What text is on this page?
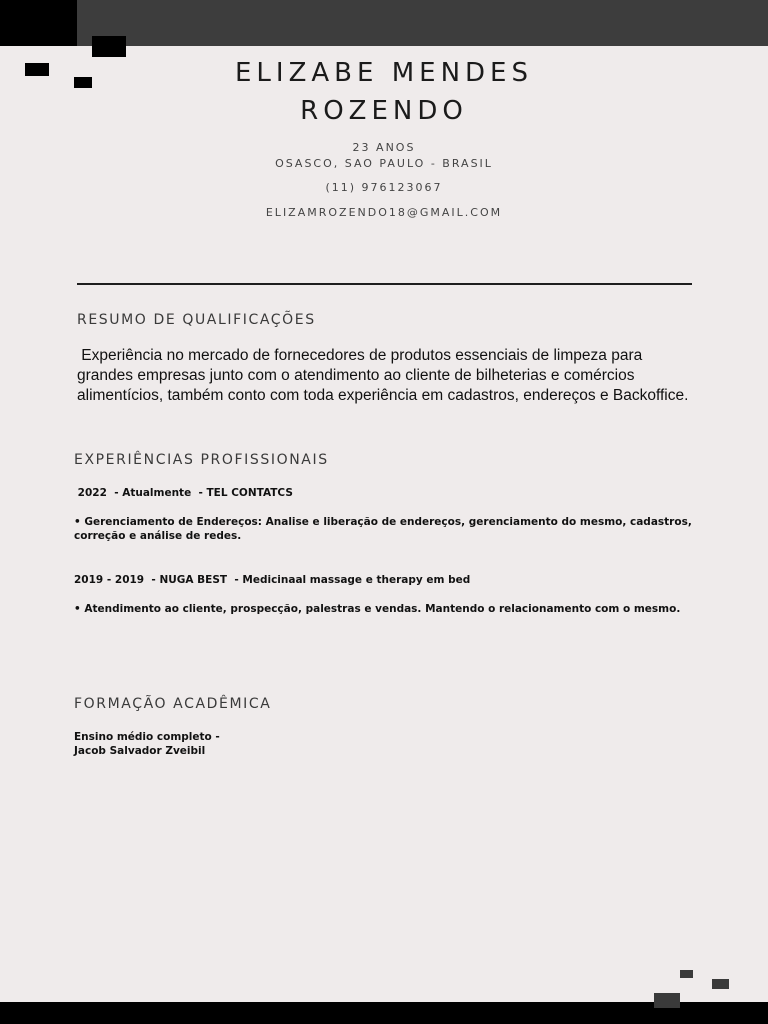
ELIZABE MENDES
ROZENDO
23 ANOS
OSASCO, SAO PAULO - BRASIL
(11) 976123067
ELIZAMROZENDO18@GMAIL.COM
RESUMO DE QUALIFICAÇÕES
Experiência no mercado de fornecedores de produtos essenciais de limpeza para
grandes empresas junto com o atendimento ao cliente de bilheterias e comércios
alimentícios, também conto com toda experiência em cadastros, endereços e Backoffice.
EXPERIÊNCIAS PROFISSIONAIS
2022  - Atualmente  - TEL CONTATCS
• Gerenciamento de Endereços: Analise e liberação de endereços, gerenciamento do mesmo, cadastros,
correção e análise de redes.
2019 - 2019  - NUGA BEST  - Medicinaal massage e therapy em bed
• Atendimento ao cliente, prospecção, palestras e vendas. Mantendo o relacionamento com o mesmo.
FORMAÇÃO ACADÊMICA
Ensino médio completo -
Jacob Salvador Zveibil
